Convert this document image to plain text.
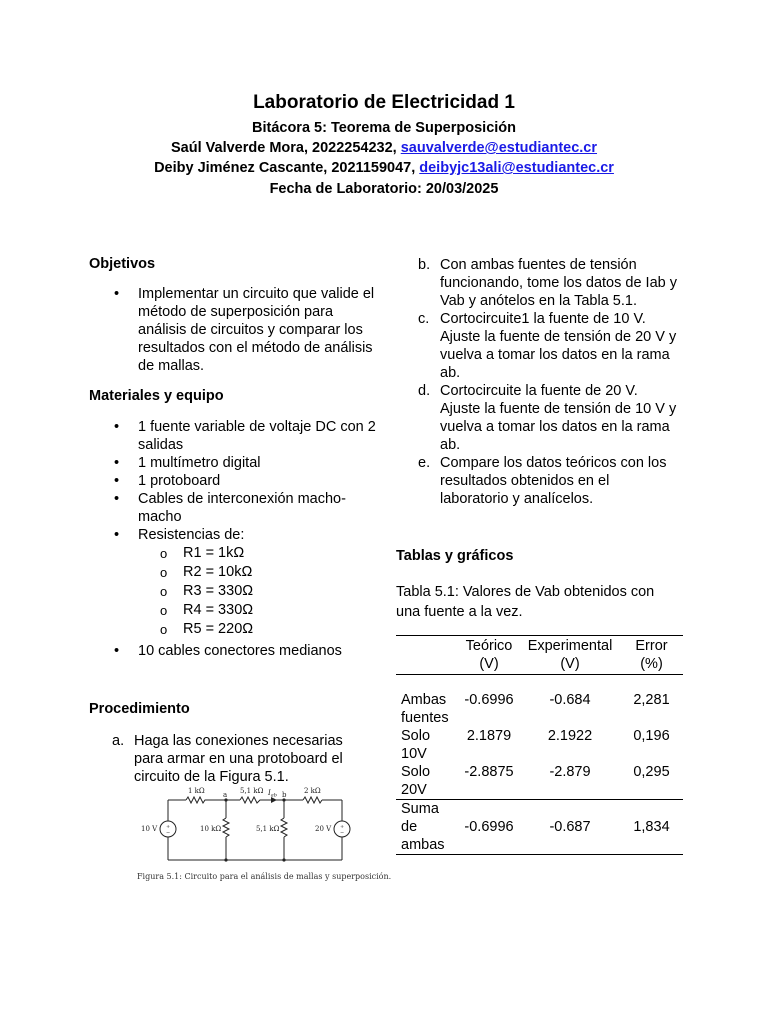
Laboratorio de Electricidad 1
Bitácora 5: Teorema de Superposición
Saúl Valverde Mora, 2022254232, sauvalverde@estudiantec.cr
Deiby Jiménez Cascante, 2021159047, deibyjc13ali@estudiantec.cr
Fecha de Laboratorio: 20/03/2025
Objetivos
• Implementar un circuito que valide el método de superposición para análisis de circuitos y comparar los resultados con el método de análisis de mallas.
Materiales y equipo
• 1 fuente variable de voltaje DC con 2 salidas
• 1 multímetro digital
• 1 protoboard
• Cables de interconexión macho-macho
• Resistencias de:
o R1 = 1kΩ
o R2 = 10kΩ
o R3 = 330Ω
o R4 = 330Ω
o R5 = 220Ω
• 10 cables conectores medianos
Procedimiento
a. Haga las conexiones necesarias para armar en una protoboard el circuito de la Figura 5.1.
1 kΩ	5,1 kΩ	2 kΩ
a	b
$I_{ab}$
10 V	20 V
10 kΩ	5,1 kΩ
+
−
+
−
Figura 5.1: Circuito para el análisis de mallas y superposición.
b. Con ambas fuentes de tensión funcionando, tome los datos de Iab y Vab y anótelos en la Tabla 5.1.
c. Cortocircuite1 la fuente de 10 V. Ajuste la fuente de tensión de 20 V y vuelva a tomar los datos en la rama ab.
d. Cortocircuite la fuente de 20 V. Ajuste la fuente de tensión de 10 V y vuelva a tomar los datos en la rama ab.
e. Compare los datos teóricos con los resultados obtenidos en el laboratorio y analícelos.
Tablas y gráficos
Tabla 5.1: Valores de Vab obtenidos con una fuente a la vez.
	Teórico
(V)	Experimental
(V)	Error
(%)
Ambas
fuentes	-0.6996	-0.684	2,281
Solo
10V	2.1879	2.1922	0,196
Solo
20V	-2.8875	-2.879	0,295
Suma
de
ambas	-0.6996	-0.687	1,834
